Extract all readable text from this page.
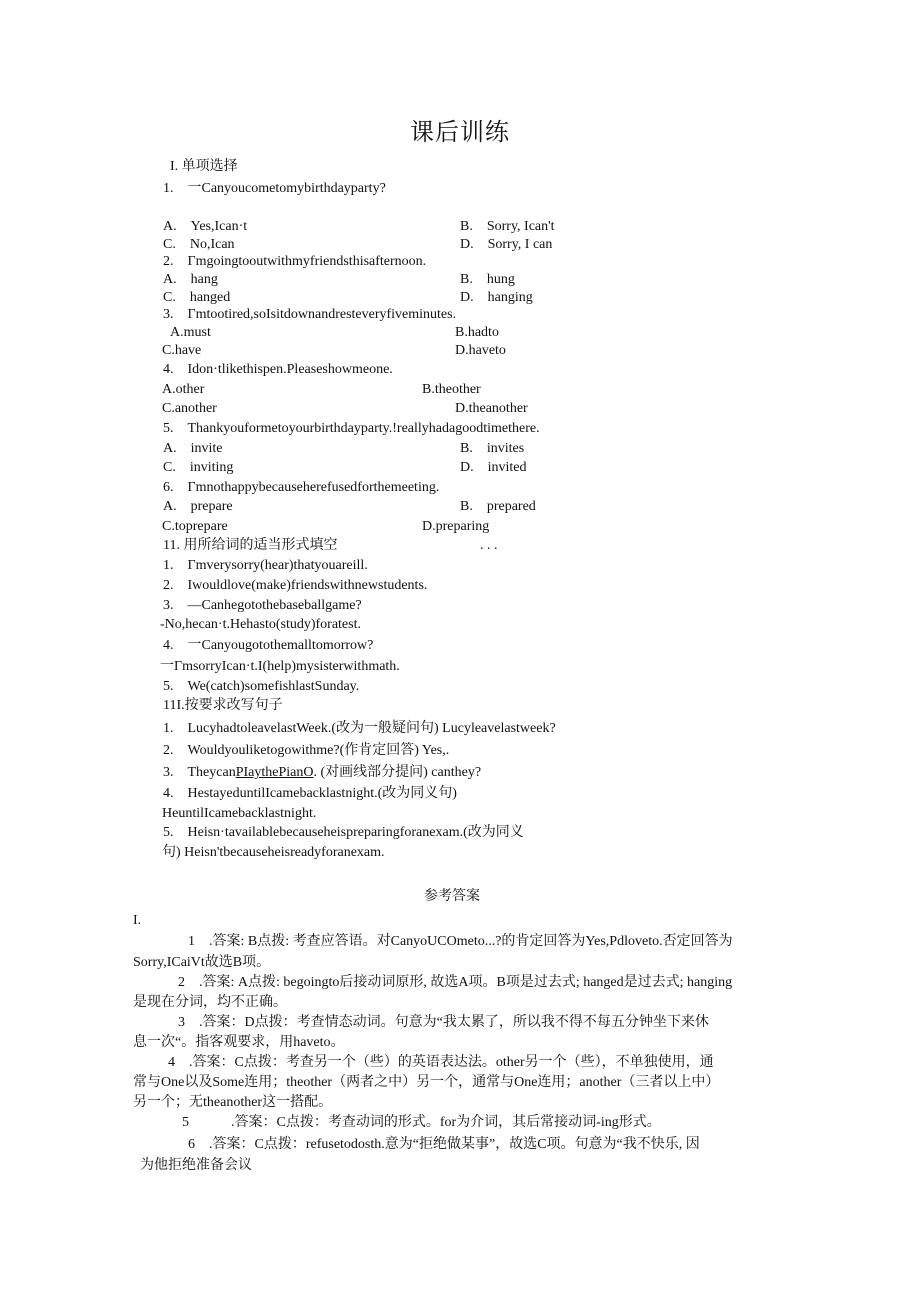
课后训练
I. 单项选择
1.　一Canyoucometomybirthdayparty?
A.　Yes,Ican·t	B.　Sorry, Ican't
C.　No,Ican	D.　Sorry, I can
2.　Γmgoingtooutwithmyfriendsthisafternoon.
A.　hang	B.　hung
C.　hanged	D.　hanging
3.　Γmtootired,soIsitdownandresteveryfiveminutes.
A.must	B.hadto
C.have	D.haveto
4.　Idon·tlikethispen.Pleaseshowmeone.
A.other	B.theother
C.another	D.theanother
5.　Thankyouformetoyourbirthdayparty.!reallyhadagoodtimethere.
A.　invite	B.　invites
C.　inviting	D.　invited
6.　Γmnothappybecauseherefusedforthemeeting.
A.　prepare	B.　prepared
C.toprepare	D.preparing
11. 用所给词的适当形式填空	. . .
1.　Γmverysorry(hear)thatyouareill.
2.　Iwouldlove(make)friendswithnewstudents.
3.　—Canhegotothebaseballgame?
-No,hecan·t.Hehasto(study)foratest.
4.　一Canyougotothemalltomorrow?
一ΓmsorryIcan·t.I(help)mysisterwithmath.
5.　We(catch)somefishlastSunday.
11I.按要求改写句子
1.　LucyhadtoleavelastWeek.(改为一般疑问句) Lucyleavelastweek?
2.　Wouldyouliketogowithme?(作肯定回答) Yes,.
3.　TheycanPIaythePianO. (对画线部分提问) canthey?
4.　HestayeduntilIcamebacklastnight.(改为同义句)
HeuntilIcamebacklastnight.
5.　Heisn·tavailablebecauseheispreparingforanexam.(改为同义
句) Heisn'tbecauseheisreadyforanexam.
参考答案
I.
1　.答案: B点拨: 考查应答语。对CanyoUCOmeto...?的肯定回答为Yes,Pdloveto.否定回答为
Sorry,ICaiVt故选B项。
2　.答案: A点拨: begoingto后接动词原形, 故选A项。B项是过去式; hanged是过去式; hanging
是现在分词，均不正确。
3　.答案：D点拨：考查情态动词。句意为“我太累了，所以我不得不每五分钟坐下来休
息一次“。指客观要求，用haveto。
4　.答案：C点拨：考查另一个（些）的英语表达法。other另一个（些），不单独使用，通
常与One以及Some连用；theother（两者之中）另一个，通常与One连用；another（三者以上中）
另一个；无theanother这一搭配。
5　　　.答案：C点拨：考查动词的形式。for为介词，其后常接动词-ing形式。
6　.答案：C点拨：refusetodosth.意为“拒绝做某事”，故选C项。句意为“我不快乐, 因
为他拒绝准备会议
